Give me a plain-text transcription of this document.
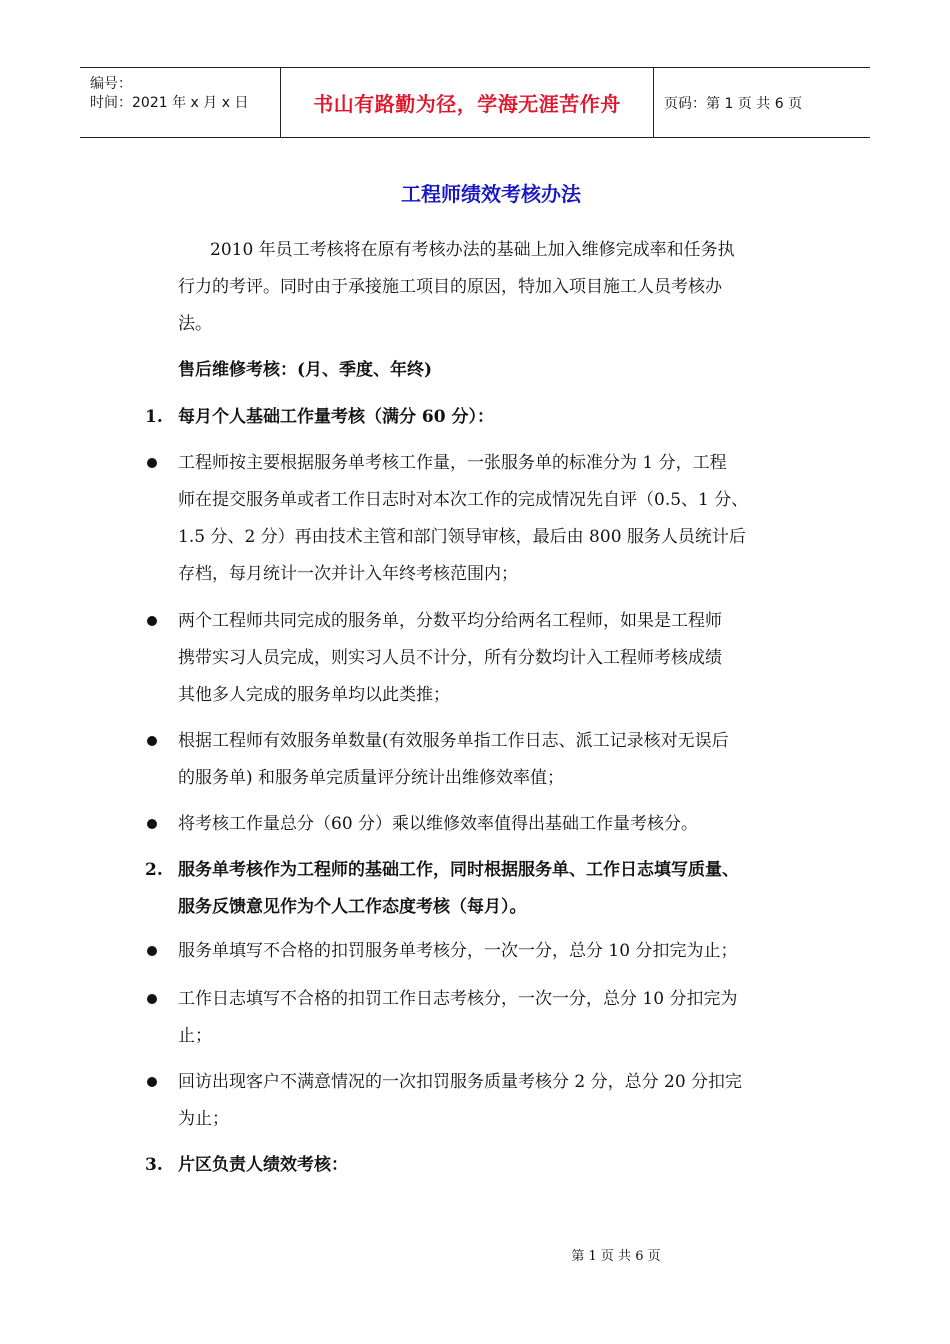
编号：
时间：2021 年 x 月 x 日	书山有路勤为径，学海无涯苦作舟	页码：第 1 页 共 6 页
工程师绩效考核办法
2010 年员工考核将在原有考核办法的基础上加入维修完成率和任务执
行力的考评。同时由于承接施工项目的原因，特加入项目施工人员考核办
法。
售后维修考核：(月、季度、年终)
1. 每月个人基础工作量考核（满分 60 分）：
工程师按主要根据服务单考核工作量，一张服务单的标准分为 1 分，工程
师在提交服务单或者工作日志时对本次工作的完成情况先自评（0.5、1 分、
1.5 分、2 分）再由技术主管和部门领导审核，最后由 800 服务人员统计后
存档，每月统计一次并计入年终考核范围内；
两个工程师共同完成的服务单，分数平均分给两名工程师，如果是工程师
携带实习人员完成，则实习人员不计分，所有分数均计入工程师考核成绩
其他多人完成的服务单均以此类推；
根据工程师有效服务单数量(有效服务单指工作日志、派工记录核对无误后
的服务单) 和服务单完质量评分统计出维修效率值；
将考核工作量总分（60 分）乘以维修效率值得出基础工作量考核分。
2. 服务单考核作为工程师的基础工作，同时根据服务单、工作日志填写质量、
服务反馈意见作为个人工作态度考核（每月）。
服务单填写不合格的扣罚服务单考核分，一次一分，总分 10 分扣完为止；
工作日志填写不合格的扣罚工作日志考核分，一次一分，总分 10 分扣完为
止；
回访出现客户不满意情况的一次扣罚服务质量考核分 2 分，总分 20 分扣完
为止；
3. 片区负责人绩效考核：
第 1 页 共 6 页
